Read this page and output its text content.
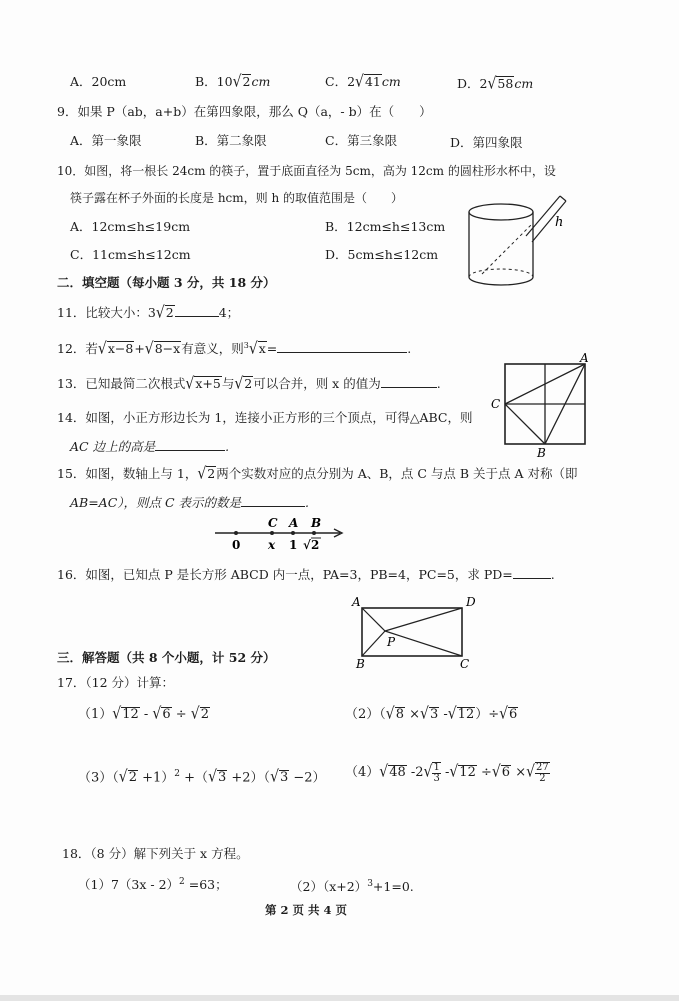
A．20cm	B．10√2cm	C．2√41cm	D．2√58cm
9．如果 P（ab，a+b）在第四象限，那么 Q（a，- b）在（　　）
A．第一象限	B．第二象限	C．第三象限	D．第四象限
10．如图，将一根长 24cm 的筷子，置于底面直径为 5cm，高为 12cm 的圆柱形水杯中，设
筷子露在杯子外面的长度是 hcm，则 h 的取值范围是（　　）
A．12cm≤h≤19cm	B．12cm≤h≤13cm
C．11cm≤h≤12cm	D．5cm≤h≤12cm
h
二．填空题（每小题 3 分，共 18 分）
11．比较大小：3√2	4；
12．若√x−8+√8−x有意义，则$^3$√x=	.
13．已知最简二次根式√x+5与√2可以合并，则 x 的值为	.
14．如图，小正方形边长为 1，连接小正方形的三个顶点，可得△ABC，则
AC 边上的高是	.
A
C
B
15．如图，数轴上与 1，√2两个实数对应的点分别为 A、B，点 C 与点 B 关于点 A 对称（即
AB=AC），则点 C 表示的数是	.
C A B
0 x 1 √ 2
16．如图，已知点 P 是长方形 ABCD 内一点，PA=3，PB=4，PC=5，求 PD=	.
A	D
B	C
P
三．解答题（共 8 个小题，计 52 分）
17．（12 分）计算：
（1）√12 - √6 ÷ √2	（2）（√8 ×√3 -√12）÷√6
$(3)(√2 +1)^2 +(√3 +2)(√3 -2)$ （4）√48 $-2√ \frac{1}{3} -√12 \div√6$ ×√ $\frac{27}{2}$
18．（8 分）解下列关于 x 方程。
（1）7（3x - 2）$^2$ =63；	$(2)(x+2)^3+1=0$.
第 2 页 共 4 页
